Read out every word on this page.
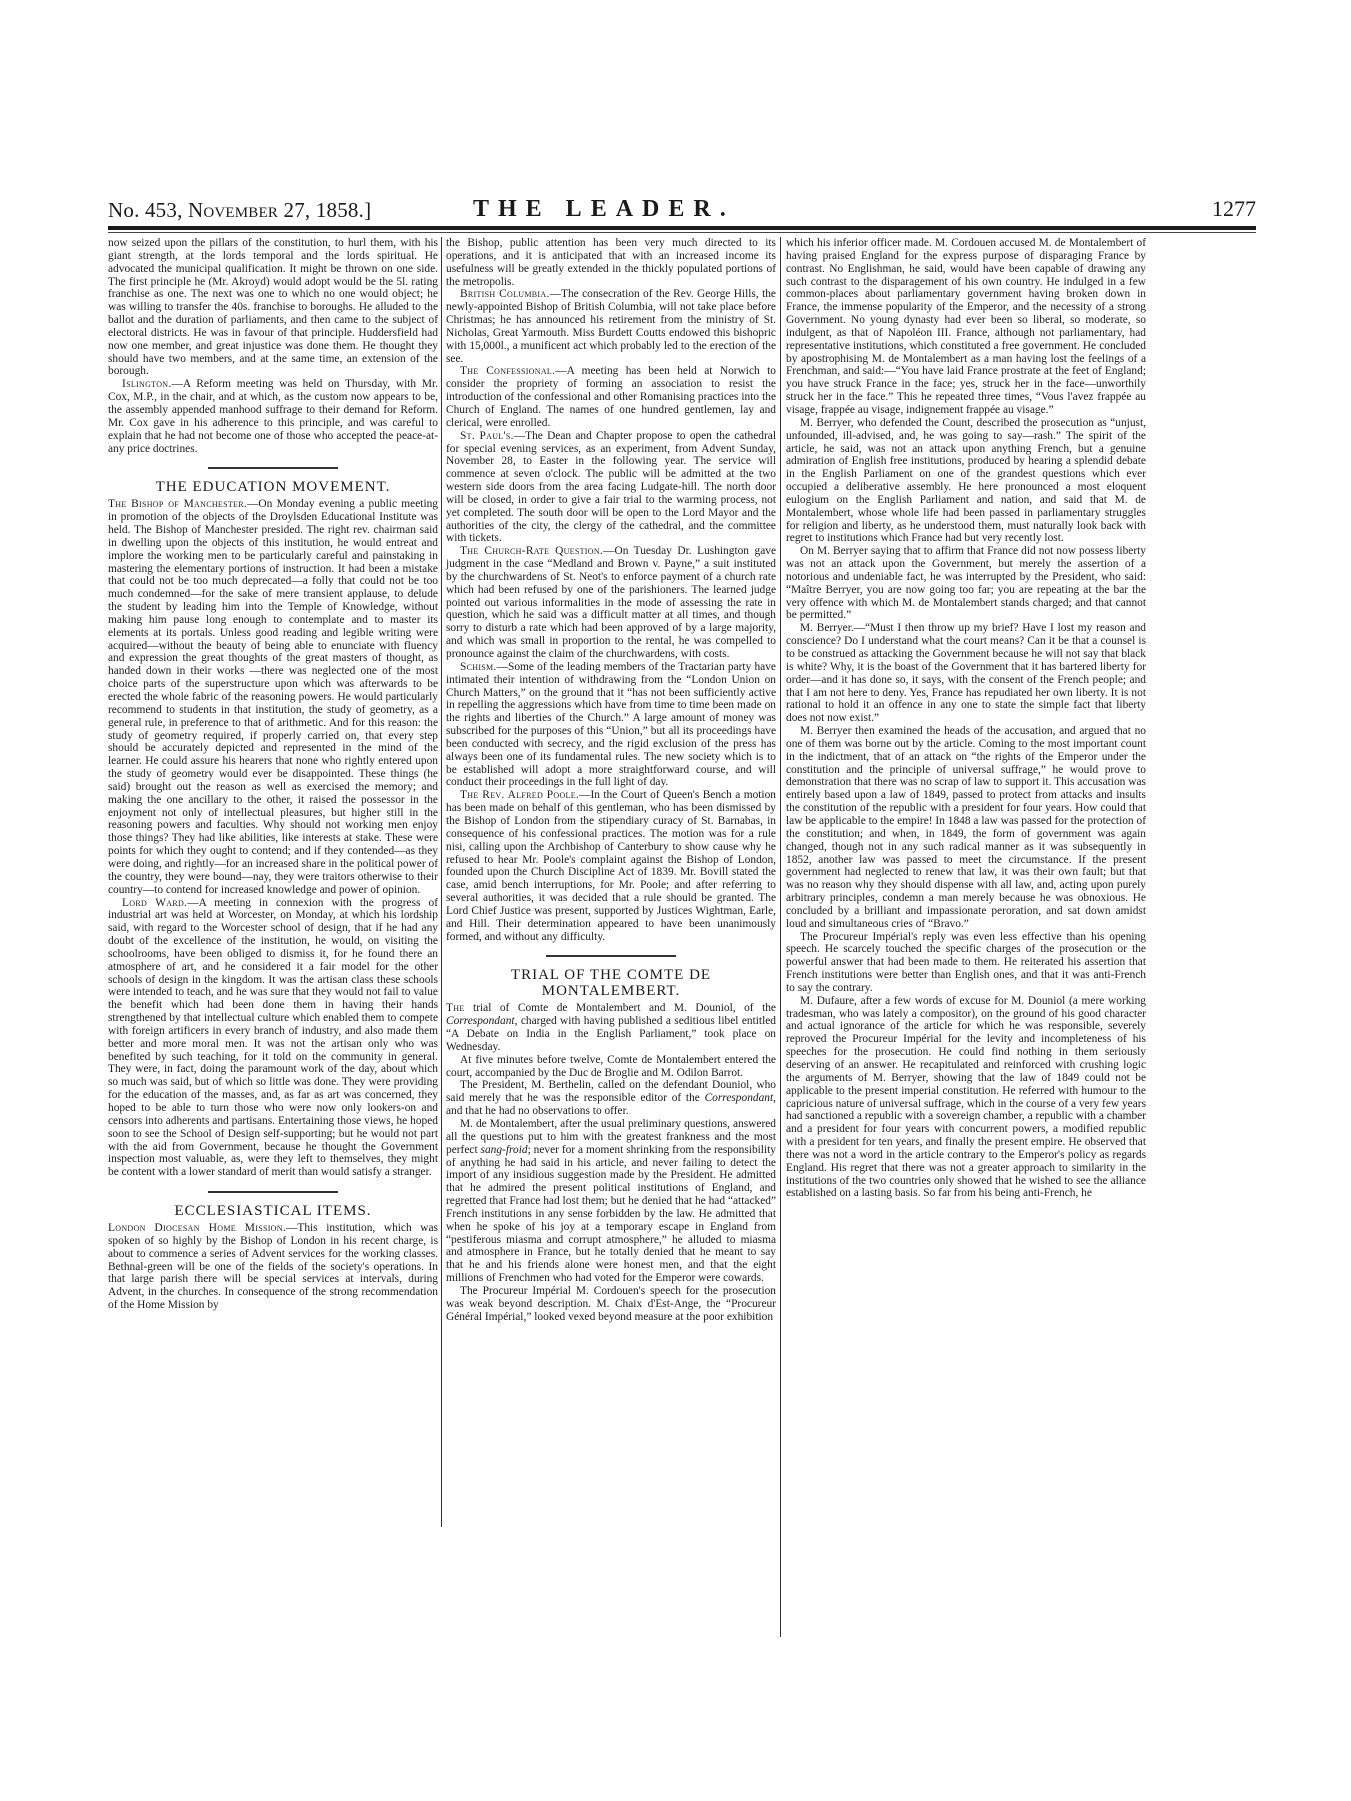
No. 453, November 27, 1858.]	THE LEADER.	1277

now seized upon the pillars of the constitution, to hurl them, with his giant strength, at the lords temporal and the lords spiritual. He advocated the municipal qualification. It might be thrown on one side. The first principle he (Mr. Akroyd) would adopt would be the 5l. rating franchise as one. The next was one to which no one would object; he was willing to transfer the 40s. franchise to boroughs. He alluded to the ballot and the duration of parliaments, and then came to the subject of electoral districts. He was in favour of that principle. Huddersfield had now one member, and great injustice was done them. He thought they should have two members, and at the same time, an extension of the borough.

Islington.—A Reform meeting was held on Thursday, with Mr. Cox, M.P., in the chair, and at which, as the custom now appears to be, the assembly appended manhood suffrage to their demand for Reform. Mr. Cox gave in his adherence to this principle, and was careful to explain that he had not become one of those who accepted the peace-at-any price doctrines.

THE EDUCATION MOVEMENT.

The Bishop of Manchester.—On Monday evening a public meeting in promotion of the objects of the Droylsden Educational Institute was held. The Bishop of Manchester presided. The right rev. chairman said in dwelling upon the objects of this institution, he would entreat and implore the working men to be particularly careful and painstaking in mastering the elementary portions of instruction. It had been a mistake that could not be too much deprecated—a folly that could not be too much condemned—for the sake of mere transient applause, to delude the student by leading him into the Temple of Knowledge, without making him pause long enough to contemplate and to master its elements at its portals. Unless good reading and legible writing were acquired—without the beauty of being able to enunciate with fluency and expression the great thoughts of the great masters of thought, as handed down in their works —there was neglected one of the most choice parts of the superstructure upon which was afterwards to be erected the whole fabric of the reasoning powers. He would particularly recommend to students in that institution, the study of geometry, as a general rule, in preference to that of arithmetic. And for this reason: the study of geometry required, if properly carried on, that every step should be accurately depicted and represented in the mind of the learner. He could assure his hearers that none who rightly entered upon the study of geometry would ever be disappointed. These things (he said) brought out the reason as well as exercised the memory; and making the one ancillary to the other, it raised the possessor in the enjoyment not only of intellectual pleasures, but higher still in the reasoning powers and faculties. Why should not working men enjoy those things? They had like abilities, like interests at stake. These were points for which they ought to contend; and if they contended—as they were doing, and rightly—for an increased share in the political power of the country, they were bound—nay, they were traitors otherwise to their country—to contend for increased knowledge and power of opinion.

Lord Ward.—A meeting in connexion with the progress of industrial art was held at Worcester, on Monday, at which his lordship said, with regard to the Worcester school of design, that if he had any doubt of the excellence of the institution, he would, on visiting the schoolrooms, have been obliged to dismiss it, for he found there an atmosphere of art, and he considered it a fair model for the other schools of design in the kingdom. It was the artisan class these schools were intended to teach, and he was sure that they would not fail to value the benefit which had been done them in having their hands strengthened by that intellectual culture which enabled them to compete with foreign artificers in every branch of industry, and also made them better and more moral men. It was not the artisan only who was benefited by such teaching, for it told on the community in general. They were, in fact, doing the paramount work of the day, about which so much was said, but of which so little was done. They were providing for the education of the masses, and, as far as art was concerned, they hoped to be able to turn those who were now only lookers-on and censors into adherents and partisans. Entertaining those views, he hoped soon to see the School of Design self-supporting; but he would not part with the aid from Government, because he thought the Government inspection most valuable, as, were they left to themselves, they might be content with a lower standard of merit than would satisfy a stranger.

ECCLESIASTICAL ITEMS.

London Diocesan Home Mission.—This institution, which was spoken of so highly by the Bishop of London in his recent charge, is about to commence a series of Advent services for the working classes. Bethnal-green will be one of the fields of the society's operations. In that large parish there will be special services at intervals, during Advent, in the churches. In consequence of the strong recommendation of the Home Mission by

the Bishop, public attention has been very much directed to its operations, and it is anticipated that with an increased income its usefulness will be greatly extended in the thickly populated portions of the metropolis.

British Columbia.—The consecration of the Rev. George Hills, the newly-appointed Bishop of British Columbia, will not take place before Christmas; he has announced his retirement from the ministry of St. Nicholas, Great Yarmouth. Miss Burdett Coutts endowed this bishopric with 15,000l., a munificent act which probably led to the erection of the see.

The Confessional.—A meeting has been held at Norwich to consider the propriety of forming an association to resist the introduction of the confessional and other Romanising practices into the Church of England. The names of one hundred gentlemen, lay and clerical, were enrolled.

St. Paul's.—The Dean and Chapter propose to open the cathedral for special evening services, as an experiment, from Advent Sunday, November 28, to Easter in the following year. The service will commence at seven o'clock. The public will be admitted at the two western side doors from the area facing Ludgate-hill. The north door will be closed, in order to give a fair trial to the warming process, not yet completed. The south door will be open to the Lord Mayor and the authorities of the city, the clergy of the cathedral, and the committee with tickets.

The Church-Rate Question.—On Tuesday Dr. Lushington gave judgment in the case “Medland and Brown v. Payne,” a suit instituted by the churchwardens of St. Neot's to enforce payment of a church rate which had been refused by one of the parishioners. The learned judge pointed out various informalities in the mode of assessing the rate in question, which he said was a difficult matter at all times, and though sorry to disturb a rate which had been approved of by a large majority, and which was small in proportion to the rental, he was compelled to pronounce against the claim of the churchwardens, with costs.

Schism.—Some of the leading members of the Tractarian party have intimated their intention of withdrawing from the “London Union on Church Matters,” on the ground that it “has not been sufficiently active in repelling the aggressions which have from time to time been made on the rights and liberties of the Church.” A large amount of money was subscribed for the purposes of this “Union,” but all its proceedings have been conducted with secrecy, and the rigid exclusion of the press has always been one of its fundamental rules. The new society which is to be established will adopt a more straightforward course, and will conduct their proceedings in the full light of day.

The Rev. Alfred Poole.—In the Court of Queen's Bench a motion has been made on behalf of this gentleman, who has been dismissed by the Bishop of London from the stipendiary curacy of St. Barnabas, in consequence of his confessional practices. The motion was for a rule nisi, calling upon the Archbishop of Canterbury to show cause why he refused to hear Mr. Poole's complaint against the Bishop of London, founded upon the Church Discipline Act of 1839. Mr. Bovill stated the case, amid bench interruptions, for Mr. Poole; and after referring to several authorities, it was decided that a rule should be granted. The Lord Chief Justice was present, supported by Justices Wightman, Earle, and Hill. Their determination appeared to have been unanimously formed, and without any difficulty.

TRIAL OF THE COMTE DE MONTALEMBERT.

The trial of Comte de Montalembert and M. Douniol, of the Correspondant, charged with having published a seditious libel entitled “A Debate on India in the English Parliament,” took place on Wednesday.

At five minutes before twelve, Comte de Montalembert entered the court, accompanied by the Duc de Broglie and M. Odilon Barrot.

The President, M. Berthelin, called on the defendant Douniol, who said merely that he was the responsible editor of the Correspondant, and that he had no observations to offer.

M. de Montalembert, after the usual preliminary questions, answered all the questions put to him with the greatest frankness and the most perfect sang-froid; never for a moment shrinking from the responsibility of anything he had said in his article, and never failing to detect the import of any insidious suggestion made by the President. He admitted that he admired the present political institutions of England, and regretted that France had lost them; but he denied that he had “attacked” French institutions in any sense forbidden by the law. He admitted that when he spoke of his joy at a temporary escape in England from “pestiferous miasma and corrupt atmosphere,” he alluded to miasma and atmosphere in France, but he totally denied that he meant to say that he and his friends alone were honest men, and that the eight millions of Frenchmen who had voted for the Emperor were cowards.

The Procureur Impérial M. Cordouen's speech for the prosecution was weak beyond description. M. Chaix d'Est-Ange, the “Procureur Général Impérial,” looked vexed beyond measure at the poor exhibition

which his inferior officer made. M. Cordouen accused M. de Montalembert of having praised England for the express purpose of disparaging France by contrast. No Englishman, he said, would have been capable of drawing any such contrast to the disparagement of his own country. He indulged in a few common-places about parliamentary government having broken down in France, the immense popularity of the Emperor, and the necessity of a strong Government. No young dynasty had ever been so liberal, so moderate, so indulgent, as that of Napoléon III. France, although not parliamentary, had representative institutions, which constituted a free government. He concluded by apostrophising M. de Montalembert as a man having lost the feelings of a Frenchman, and said:—“You have laid France prostrate at the feet of England; you have struck France in the face; yes, struck her in the face—unworthily struck her in the face.” This he repeated three times, “Vous l'avez frappée au visage, frappée au visage, indignement frappée au visage.”

M. Berryer, who defended the Count, described the prosecution as “unjust, unfounded, ill-advised, and, he was going to say—rash.” The spirit of the article, he said, was not an attack upon anything French, but a genuine admiration of English free institutions, produced by hearing a splendid debate in the English Parliament on one of the grandest questions which ever occupied a deliberative assembly. He here pronounced a most eloquent eulogium on the English Parliament and nation, and said that M. de Montalembert, whose whole life had been passed in parliamentary struggles for religion and liberty, as he understood them, must naturally look back with regret to institutions which France had but very recently lost.

On M. Berryer saying that to affirm that France did not now possess liberty was not an attack upon the Government, but merely the assertion of a notorious and undeniable fact, he was interrupted by the President, who said: “Maître Berryer, you are now going too far; you are repeating at the bar the very offence with which M. de Montalembert stands charged; and that cannot be permitted.”

M. Berryer.—“Must I then throw up my brief? Have I lost my reason and conscience? Do I understand what the court means? Can it be that a counsel is to be construed as attacking the Government because he will not say that black is white? Why, it is the boast of the Government that it has bartered liberty for order—and it has done so, it says, with the consent of the French people; and that I am not here to deny. Yes, France has repudiated her own liberty. It is not rational to hold it an offence in any one to state the simple fact that liberty does not now exist.”

M. Berryer then examined the heads of the accusation, and argued that no one of them was borne out by the article. Coming to the most important count in the indictment, that of an attack on “the rights of the Emperor under the constitution and the principle of universal suffrage,” he would prove to demonstration that there was no scrap of law to support it. This accusation was entirely based upon a law of 1849, passed to protect from attacks and insults the constitution of the republic with a president for four years. How could that law be applicable to the empire! In 1848 a law was passed for the protection of the constitution; and when, in 1849, the form of government was again changed, though not in any such radical manner as it was subsequently in 1852, another law was passed to meet the circumstance. If the present government had neglected to renew that law, it was their own fault; but that was no reason why they should dispense with all law, and, acting upon purely arbitrary principles, condemn a man merely because he was obnoxious. He concluded by a brilliant and impassionate peroration, and sat down amidst loud and simultaneous cries of “Bravo.”

The Procureur Impérial's reply was even less effective than his opening speech. He scarcely touched the specific charges of the prosecution or the powerful answer that had been made to them. He reiterated his assertion that French institutions were better than English ones, and that it was anti-French to say the contrary.

M. Dufaure, after a few words of excuse for M. Douniol (a mere working tradesman, who was lately a compositor), on the ground of his good character and actual ignorance of the article for which he was responsible, severely reproved the Procureur Impérial for the levity and incompleteness of his speeches for the prosecution. He could find nothing in them seriously deserving of an answer. He recapitulated and reinforced with crushing logic the arguments of M. Berryer, showing that the law of 1849 could not be applicable to the present imperial constitution. He referred with humour to the capricious nature of universal suffrage, which in the course of a very few years had sanctioned a republic with a sovereign chamber, a republic with a chamber and a president for four years with concurrent powers, a modified republic with a president for ten years, and finally the present empire. He observed that there was not a word in the article contrary to the Emperor's policy as regards England. His regret that there was not a greater approach to similarity in the institutions of the two countries only showed that he wished to see the alliance established on a lasting basis. So far from his being anti-French, he
